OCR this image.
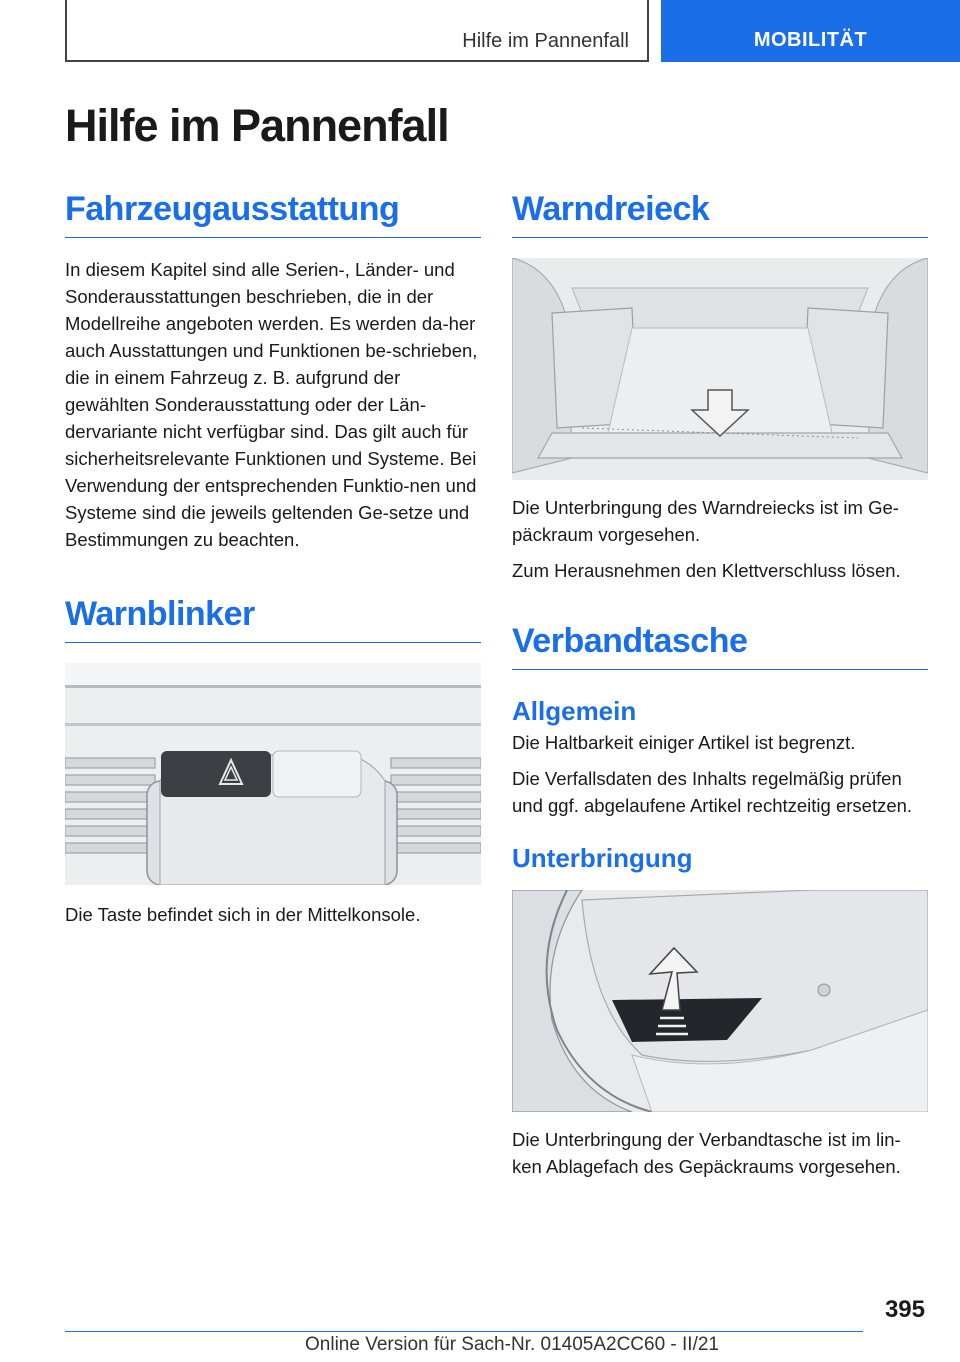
Hilfe im Pannenfall	MOBILITÄT
Hilfe im Pannenfall
Fahrzeugausstattung

In diesem Kapitel sind alle Serien-, Länder- und Sonderausstattungen beschrieben, die in der Modellreihe angeboten werden. Es werden da-her auch Ausstattungen und Funktionen be-schrieben, die in einem Fahrzeug z. B. aufgrund der gewählten Sonderausstattung oder der Län-dervariante nicht verfügbar sind. Das gilt auch für sicherheitsrelevante Funktionen und Systeme. Bei Verwendung der entsprechenden Funktio-nen und Systeme sind die jeweils geltenden Ge-setze und Bestimmungen zu beachten.

Warnblinker

Die Taste befindet sich in der Mittelkonsole.

Warndreieck

Die Unterbringung des Warndreiecks ist im Ge-päckraum vorgesehen.

Zum Herausnehmen den Klettverschluss lösen.

Verbandtasche
Allgemein

Die Haltbarkeit einiger Artikel ist begrenzt.

Die Verfallsdaten des Inhalts regelmäßig prüfen und ggf. abgelaufene Artikel rechtzeitig ersetzen.

Unterbringung

Die Unterbringung der Verbandtasche ist im lin-ken Ablagefach des Gepäckraums vorgesehen.

395
Online Version für Sach-Nr. 01405A2CC60 - II/21
